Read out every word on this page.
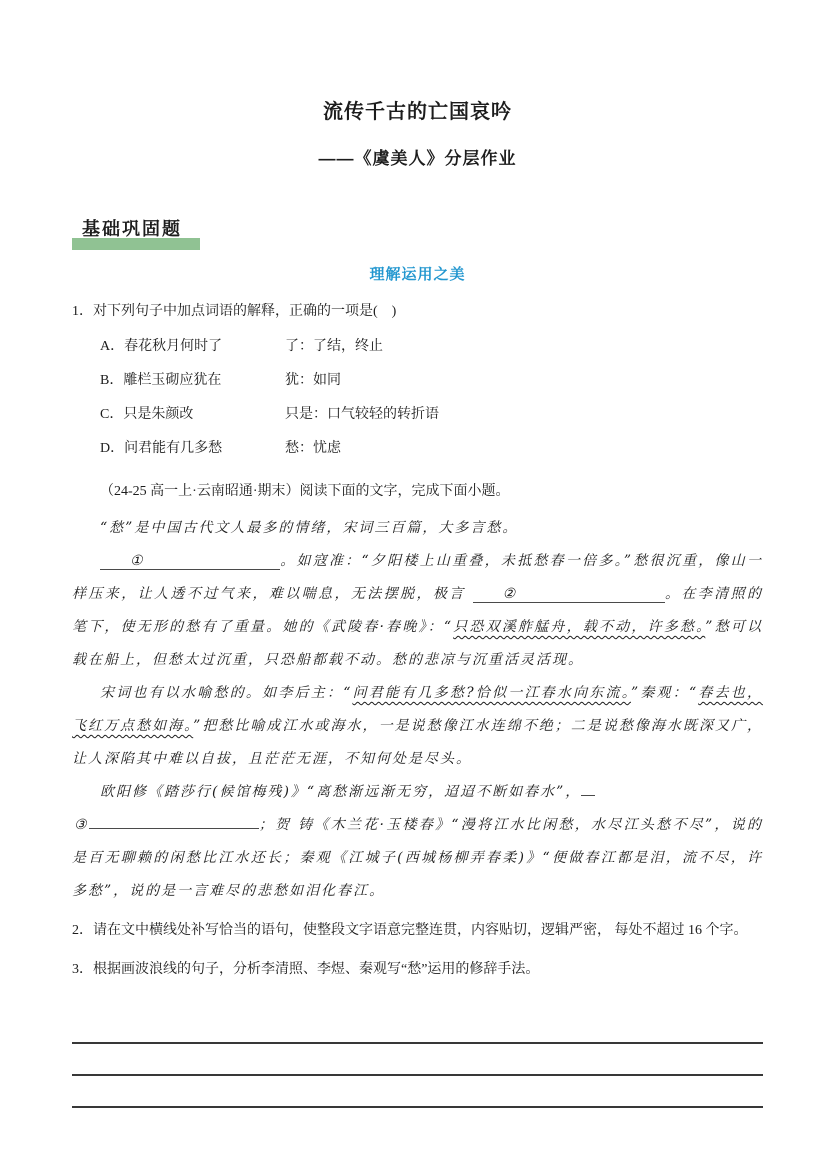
流传千古的亡国哀吟
——《虞美人》分层作业
基础巩固题
理解运用之美
1．对下列句子中加点词语的解释，正确的一项是(　)
A．春花秋月何时了	了：了结，终止
B．雕栏玉砌应犹在	犹：如同
C．只是朱颜改	只是：口气较轻的转折语
D．问君能有几多愁	愁：忧虑
（24-25 高一上·云南昭通·期末）阅读下面的文字，完成下面小题。

“愁”是中国古代文人最多的情绪，宋词三百篇，大多言愁。

①	。如寇准：“夕阳楼上山重叠，未抵愁春一倍多。”愁很沉重，像山一样压来，让人透不过气来，难以喘息，无法摆脱，极言 ②	。在李清照的笔下，使无形的愁有了重量。她的《武陵春·春晚》：“只恐双溪舴艋舟，载不动，许多愁。”愁可以载在船上，但愁太过沉重，只恐船都载不动。愁的悲凉与沉重活灵活现。

宋词也有以水喻愁的。如李后主：“问君能有几多愁?恰似一江春水向东流。”秦观：“春去也，飞红万点愁如海。”把愁比喻成江水或海水，一是说愁像江水连绵不绝；二是说愁像海水既深又广，让人深陷其中难以自拔，且茫茫无涯，不知何处是尽头。

欧阳修《踏莎行(候馆梅残)》“离愁渐远渐无穷，迢迢不断如春水”，

③	；贺 铸《木兰花·玉楼春》“漫将江水比闲愁，水尽江头愁不尽”，说的是百无聊赖的闲愁比江水还长；秦观《江城子(西城杨柳弄春柔)》“便做春江都是泪，流不尽，许多愁”，说的是一言难尽的悲愁如泪化春江。

2．请在文中横线处补写恰当的语句，使整段文字语意完整连贯，内容贴切，逻辑严密， 每处不超过 16 个字。
3．根据画波浪线的句子，分析李清照、李煜、秦观写“愁”运用的修辞手法。
